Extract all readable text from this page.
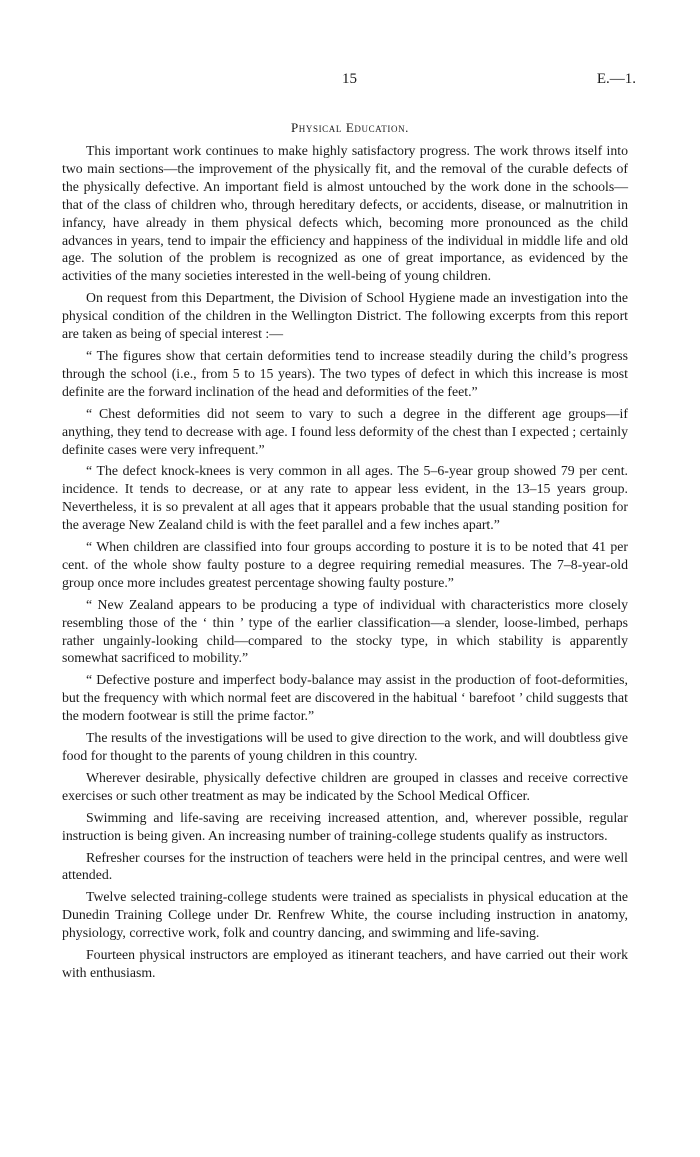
15	E.—1.
Physical Education.

This important work continues to make highly satisfactory progress. The work throws itself into two main sections—the improvement of the physically fit, and the removal of the curable defects of the physically defective. An important field is almost untouched by the work done in the schools—that of the class of children who, through hereditary defects, or accidents, disease, or malnutrition in infancy, have already in them physical defects which, becoming more pronounced as the child advances in years, tend to impair the efficiency and happiness of the individual in middle life and old age. The solution of the problem is recognized as one of great importance, as evidenced by the activities of the many societies interested in the well-being of young children.

On request from this Department, the Division of School Hygiene made an investigation into the physical condition of the children in the Wellington District. The following excerpts from this report are taken as being of special interest :—

“ The figures show that certain deformities tend to increase steadily during the child’s progress through the school (i.e., from 5 to 15 years). The two types of defect in which this increase is most definite are the forward inclination of the head and deformities of the feet.”

“ Chest deformities did not seem to vary to such a degree in the different age groups—if anything, they tend to decrease with age. I found less deformity of the chest than I expected ; certainly definite cases were very infrequent.”

“ The defect knock-knees is very common in all ages. The 5–6-year group showed 79 per cent. incidence. It tends to decrease, or at any rate to appear less evident, in the 13–15 years group. Nevertheless, it is so prevalent at all ages that it appears probable that the usual standing position for the average New Zealand child is with the feet parallel and a few inches apart.”

“ When children are classified into four groups according to posture it is to be noted that 41 per cent. of the whole show faulty posture to a degree requiring remedial measures. The 7–8-year-old group once more includes greatest percentage showing faulty posture.”

“ New Zealand appears to be producing a type of individual with characteristics more closely resembling those of the ‘ thin ’ type of the earlier classification—a slender, loose-limbed, perhaps rather ungainly-looking child—compared to the stocky type, in which stability is apparently somewhat sacrificed to mobility.”

“ Defective posture and imperfect body-balance may assist in the production of foot-deformities, but the frequency with which normal feet are discovered in the habitual ‘ barefoot ’ child suggests that the modern footwear is still the prime factor.”

The results of the investigations will be used to give direction to the work, and will doubtless give food for thought to the parents of young children in this country.

Wherever desirable, physically defective children are grouped in classes and receive corrective exercises or such other treatment as may be indicated by the School Medical Officer.

Swimming and life-saving are receiving increased attention, and, wherever possible, regular instruction is being given. An increasing number of training-college students qualify as instructors.

Refresher courses for the instruction of teachers were held in the principal centres, and were well attended.

Twelve selected training-college students were trained as specialists in physical education at the Dunedin Training College under Dr. Renfrew White, the course including instruction in anatomy, physiology, corrective work, folk and country dancing, and swimming and life-saving.

Fourteen physical instructors are employed as itinerant teachers, and have carried out their work with enthusiasm.
